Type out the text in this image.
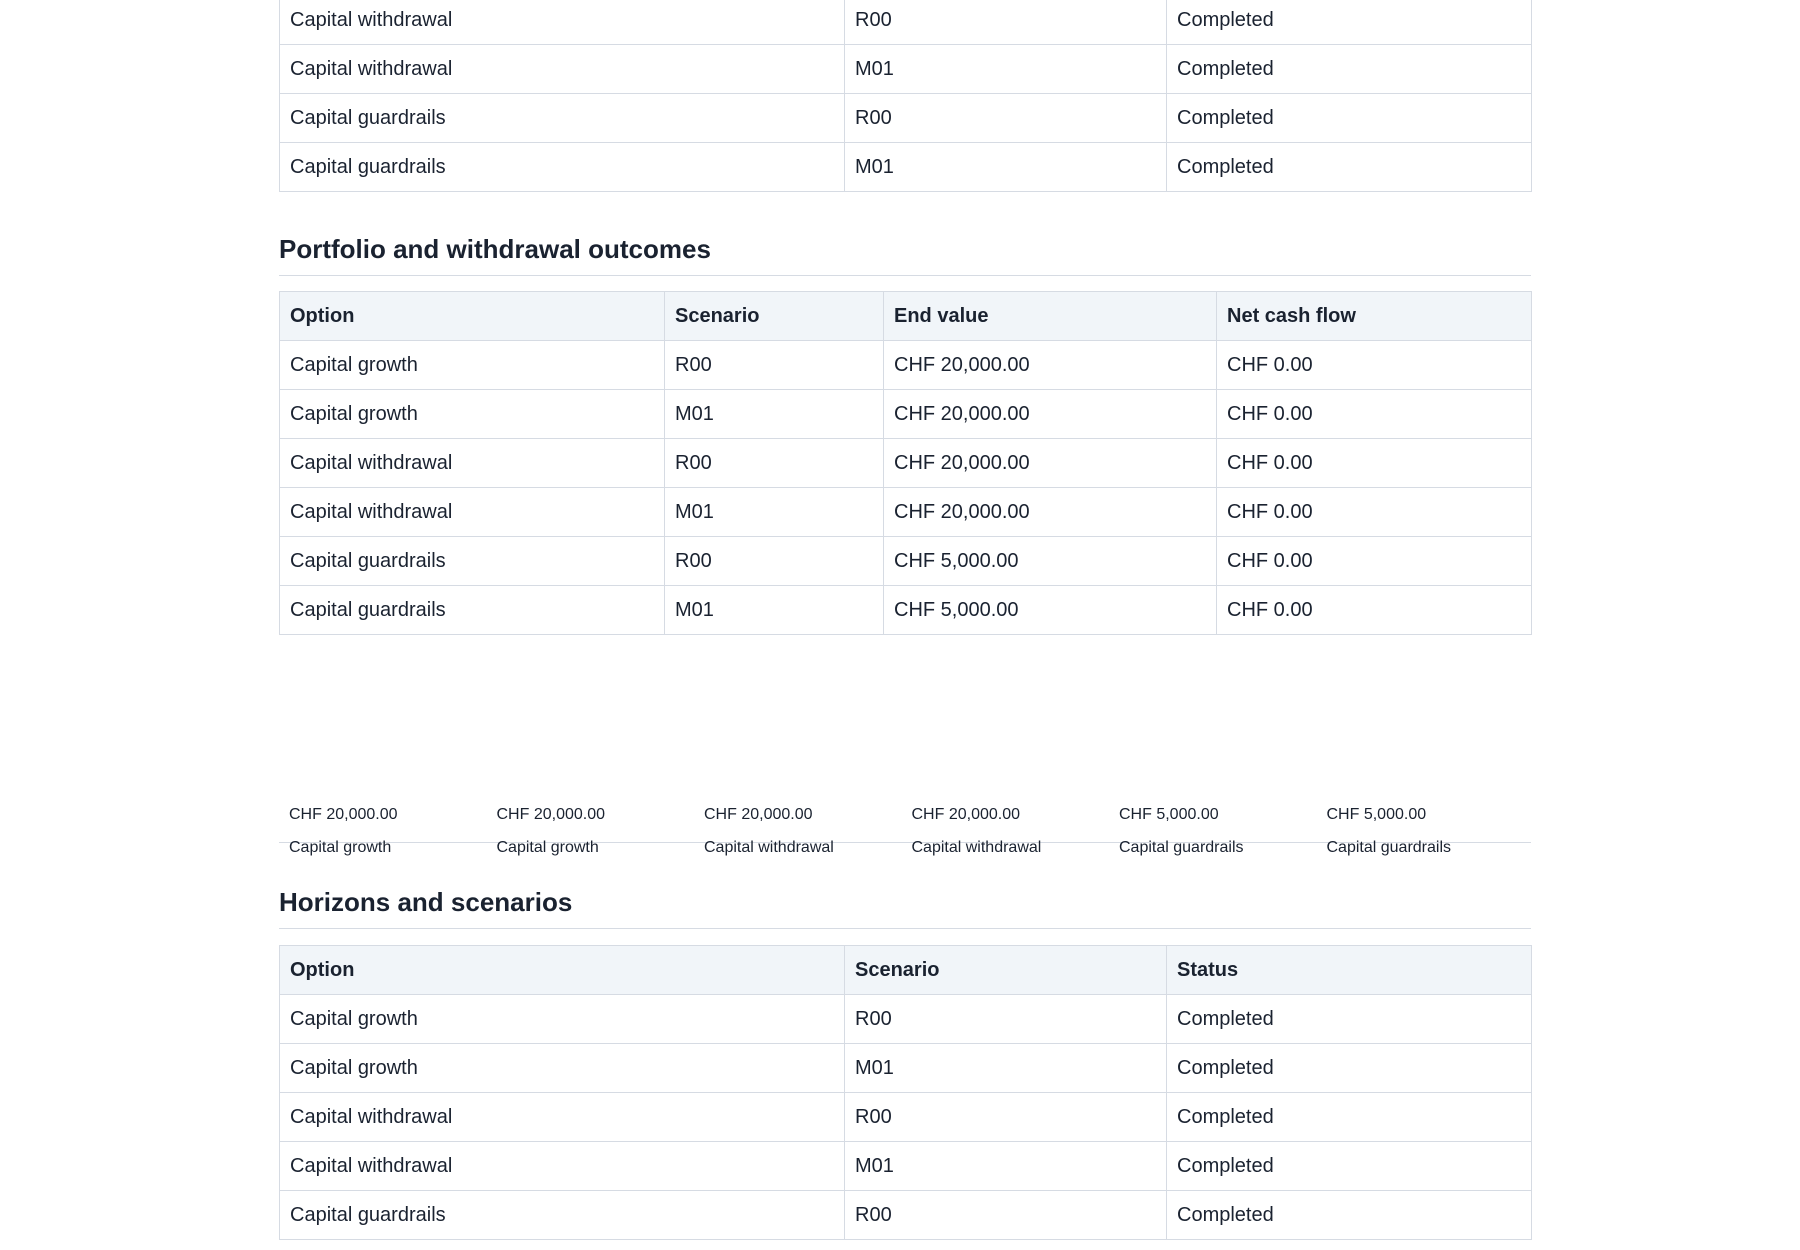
Capital withdrawal	R00	Completed
Capital withdrawal	M01	Completed
Capital guardrails	R00	Completed
Capital guardrails	M01	Completed
Portfolio and withdrawal outcomes
Option	Scenario	End value	Net cash flow
Capital growth	R00	CHF 20,000.00	CHF 0.00
Capital growth	M01	CHF 20,000.00	CHF 0.00
Capital withdrawal	R00	CHF 20,000.00	CHF 0.00
Capital withdrawal	M01	CHF 20,000.00	CHF 0.00
Capital guardrails	R00	CHF 5,000.00	CHF 0.00
Capital guardrails	M01	CHF 5,000.00	CHF 0.00
CHF 20,000.00
Capital growth
CHF 20,000.00
Capital growth
CHF 20,000.00
Capital withdrawal
CHF 20,000.00
Capital withdrawal
CHF 5,000.00
Capital guardrails
CHF 5,000.00
Capital guardrails
Horizons and scenarios
Option	Scenario	Status
Capital growth	R00	Completed
Capital growth	M01	Completed
Capital withdrawal	R00	Completed
Capital withdrawal	M01	Completed
Capital guardrails	R00	Completed
